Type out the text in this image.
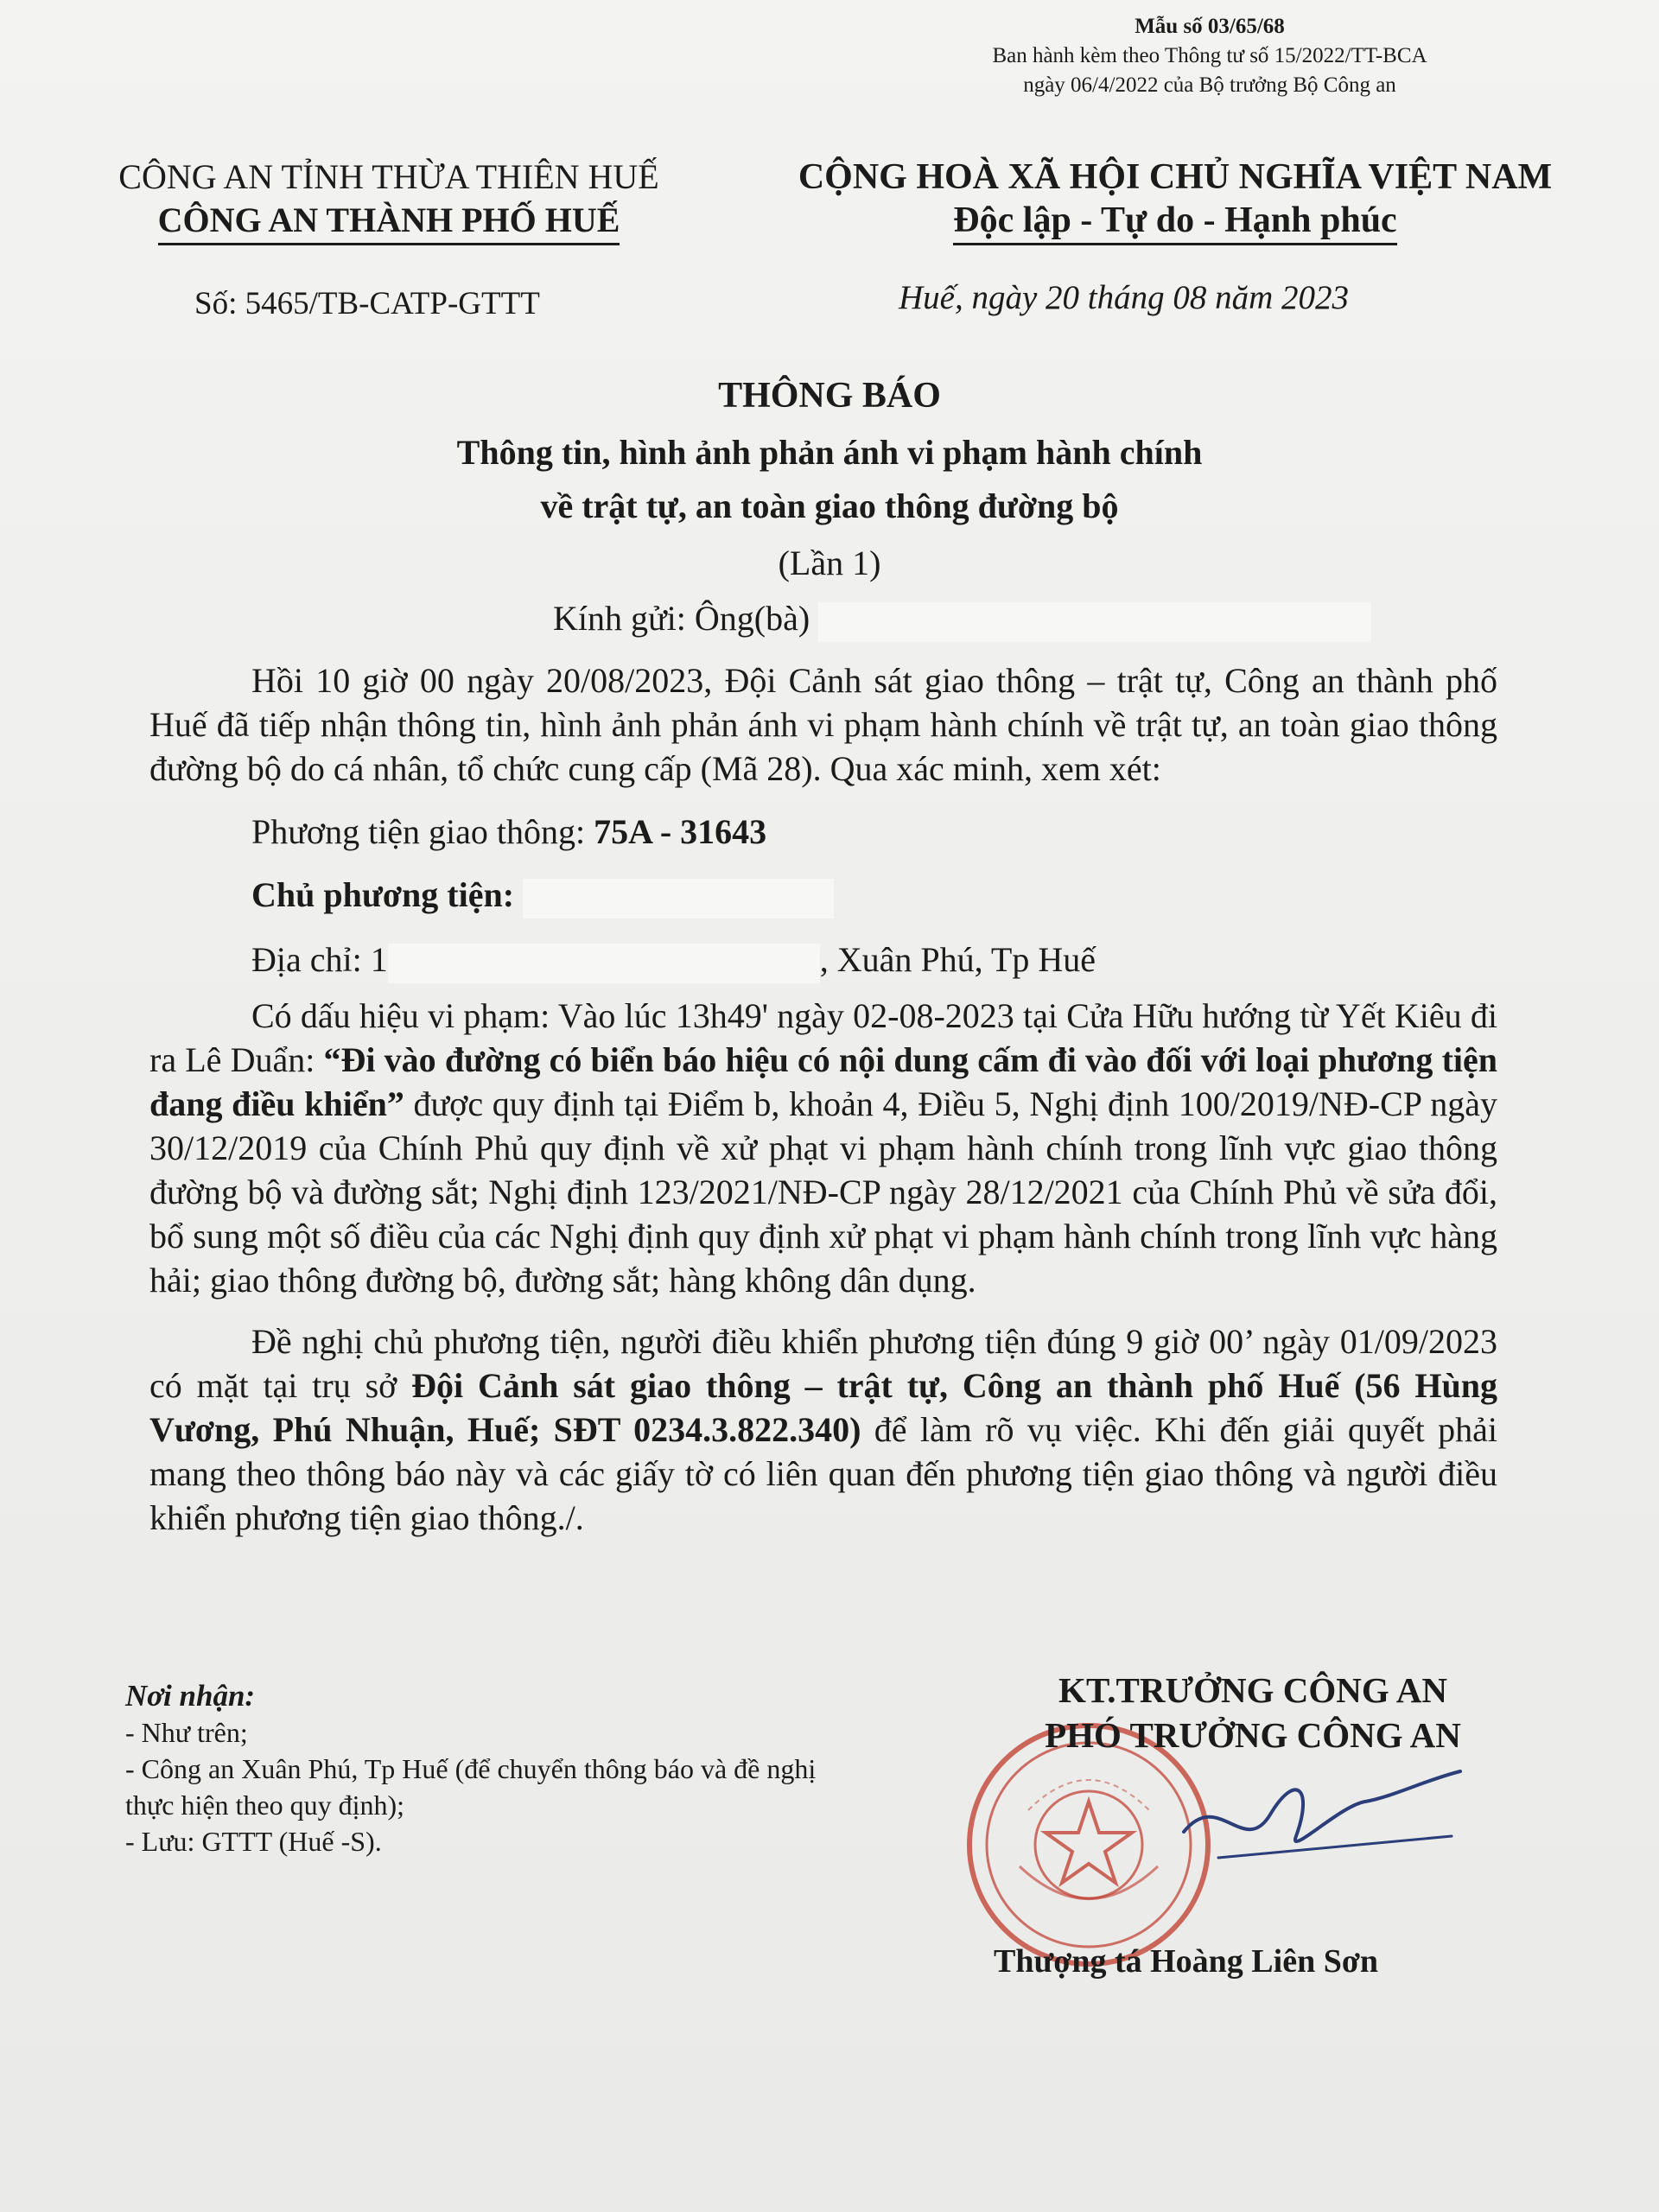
Mẫu số 03/65/68
Ban hành kèm theo Thông tư số 15/2022/TT-BCA
ngày 06/4/2022 của Bộ trưởng Bộ Công an
CÔNG AN TỈNH THỪA THIÊN HUẾ
CÔNG AN THÀNH PHỐ HUẾ
CỘNG HOÀ XÃ HỘI CHỦ NGHĨA VIỆT NAM
Độc lập - Tự do - Hạnh phúc
Số: 5465/TB-CATP-GTTT	Huế, ngày 20 tháng 08 năm 2023
THÔNG BÁO
Thông tin, hình ảnh phản ánh vi phạm hành chính
về trật tự, an toàn giao thông đường bộ
(Lần 1)
Kính gửi: Ông(bà)

Hồi 10 giờ 00 ngày 20/08/2023, Đội Cảnh sát giao thông – trật tự, Công an thành phố Huế đã tiếp nhận thông tin, hình ảnh phản ánh vi phạm hành chính về trật tự, an toàn giao thông đường bộ do cá nhân, tổ chức cung cấp (Mã 28). Qua xác minh, xem xét:

Phương tiện giao thông: 75A - 31643

Chủ phương tiện:

Địa chỉ: 1	, Xuân Phú, Tp Huế

Có dấu hiệu vi phạm: Vào lúc 13h49' ngày 02-08-2023 tại Cửa Hữu hướng từ Yết Kiêu đi ra Lê Duẩn: “Đi vào đường có biển báo hiệu có nội dung cấm đi vào đối với loại phương tiện đang điều khiển” được quy định tại Điểm b, khoản 4, Điều 5, Nghị định 100/2019/NĐ-CP ngày 30/12/2019 của Chính Phủ quy định về xử phạt vi phạm hành chính trong lĩnh vực giao thông đường bộ và đường sắt; Nghị định 123/2021/NĐ-CP ngày 28/12/2021 của Chính Phủ về sửa đổi, bổ sung một số điều của các Nghị định quy định xử phạt vi phạm hành chính trong lĩnh vực hàng hải; giao thông đường bộ, đường sắt; hàng không dân dụng.

Đề nghị chủ phương tiện, người điều khiển phương tiện đúng 9 giờ 00’ ngày 01/09/2023 có mặt tại trụ sở Đội Cảnh sát giao thông – trật tự, Công an thành phố Huế (56 Hùng Vương, Phú Nhuận, Huế; SĐT 0234.3.822.340) để làm rõ vụ việc. Khi đến giải quyết phải mang theo thông báo này và các giấy tờ có liên quan đến phương tiện giao thông và người điều khiển phương tiện giao thông./.

Nơi nhận:
- Như trên;
- Công an Xuân Phú, Tp Huế (để chuyển thông báo và đề nghị thực hiện theo quy định);
- Lưu: GTTT (Huế -S).
KT.TRƯỞNG CÔNG AN
PHÓ TRƯỞNG CÔNG AN
Thượng tá Hoàng Liên Sơn
